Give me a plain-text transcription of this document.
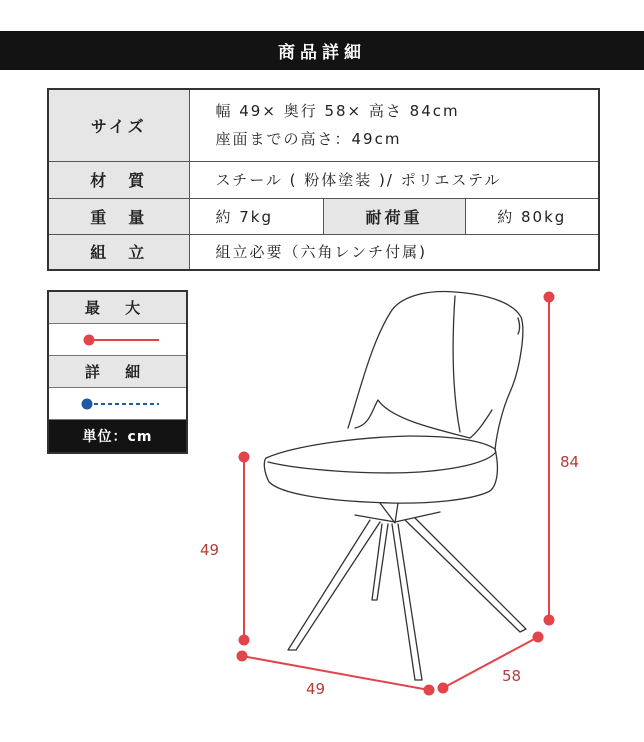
商品詳細
サイズ	幅 49× 奥行 58× 高さ 84cm
座面までの高さ：49cm		

材　質	スチール ( 粉体塗装 )/ ポリエステル		
重　量	約 7kg	耐荷重	約 80kg
組　立	組立必要（六角レンチ付属)		
最 大
詳 細
単位：cm
84
49
49
58
